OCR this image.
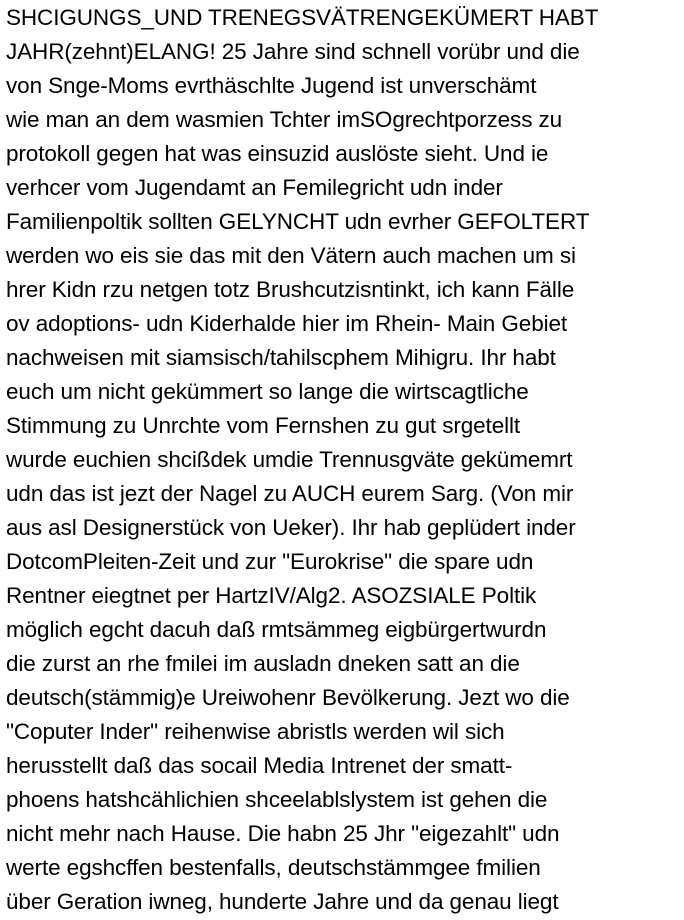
SHCIGUNGS_UND TRENEGSVÄTRENGEKÜMERT HABT

JAHR(zehnt)ELANG! 25 Jahre sind schnell vorübr und die

von Snge-Moms evrthäschlte Jugend ist unverschämt

wie man an dem wasmien Tchter imSOgrechtporzess zu

protokoll gegen hat was einsuzid auslöste sieht. Und ie

verhcer vom Jugendamt an Femilegricht udn inder

Familienpoltik sollten GELYNCHT udn evrher GEFOLTERT

werden wo eis sie das mit den Vätern auch machen um si

hrer Kidn rzu netgen totz Brushcutzisntinkt, ich kann Fälle

ov adoptions- udn Kiderhalde hier im Rhein- Main Gebiet

nachweisen mit siamsisch/tahilscphem Mihigru. Ihr habt

euch um nicht gekümmert so lange die wirtscagtliche

Stimmung zu Unrchte vom Fernshen zu gut srgetellt

wurde euchien shcißdek umdie Trennusgväte gekümemrt

udn das ist jezt der Nagel zu AUCH eurem Sarg. (Von mir

aus asl Designerstück von Ueker). Ihr hab geplüdert inder

DotcomPleiten-Zeit und zur "Eurokrise" die spare udn

Rentner eiegtnet per HartzIV/Alg2. ASOZSIALE Poltik

möglich egcht dacuh daß rmtsämmeg eigbürgertwurdn

die zurst an rhe fmilei im ausladn dneken satt an die

deutsch(stämmig)e Ureiwohenr Bevölkerung. Jezt wo die

"Coputer Inder" reihenwise abristls werden wil sich

herusstellt daß das socail Media Intrenet der smatt-

phoens hatshcählichien shceelablslystem ist gehen die

nicht mehr nach Hause. Die habn 25 Jhr "eigezahlt" udn

werte egshcffen bestenfalls, deutschstämmgee fmilien

über Geration iwneg, hunderte Jahre und da genau liegt
